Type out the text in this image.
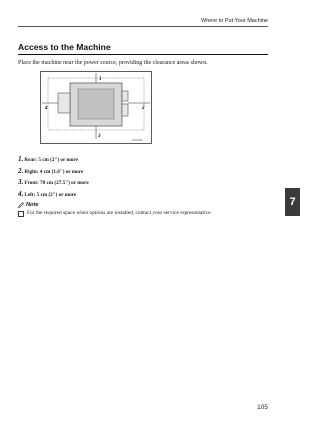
Where to Put Your Machine
Access to the Machine
Place the machine near the power source, providing the clearance areas shown.
1
2
3
4
AAG026S
1. Rear: 5 cm (2") or more
2. Right: 4 cm (1.6") or more
3. Front: 70 cm (27.5") or more
4. Left: 5 cm (2") or more
Note
For the required space when options are installed, contact your service representative.
7
105
